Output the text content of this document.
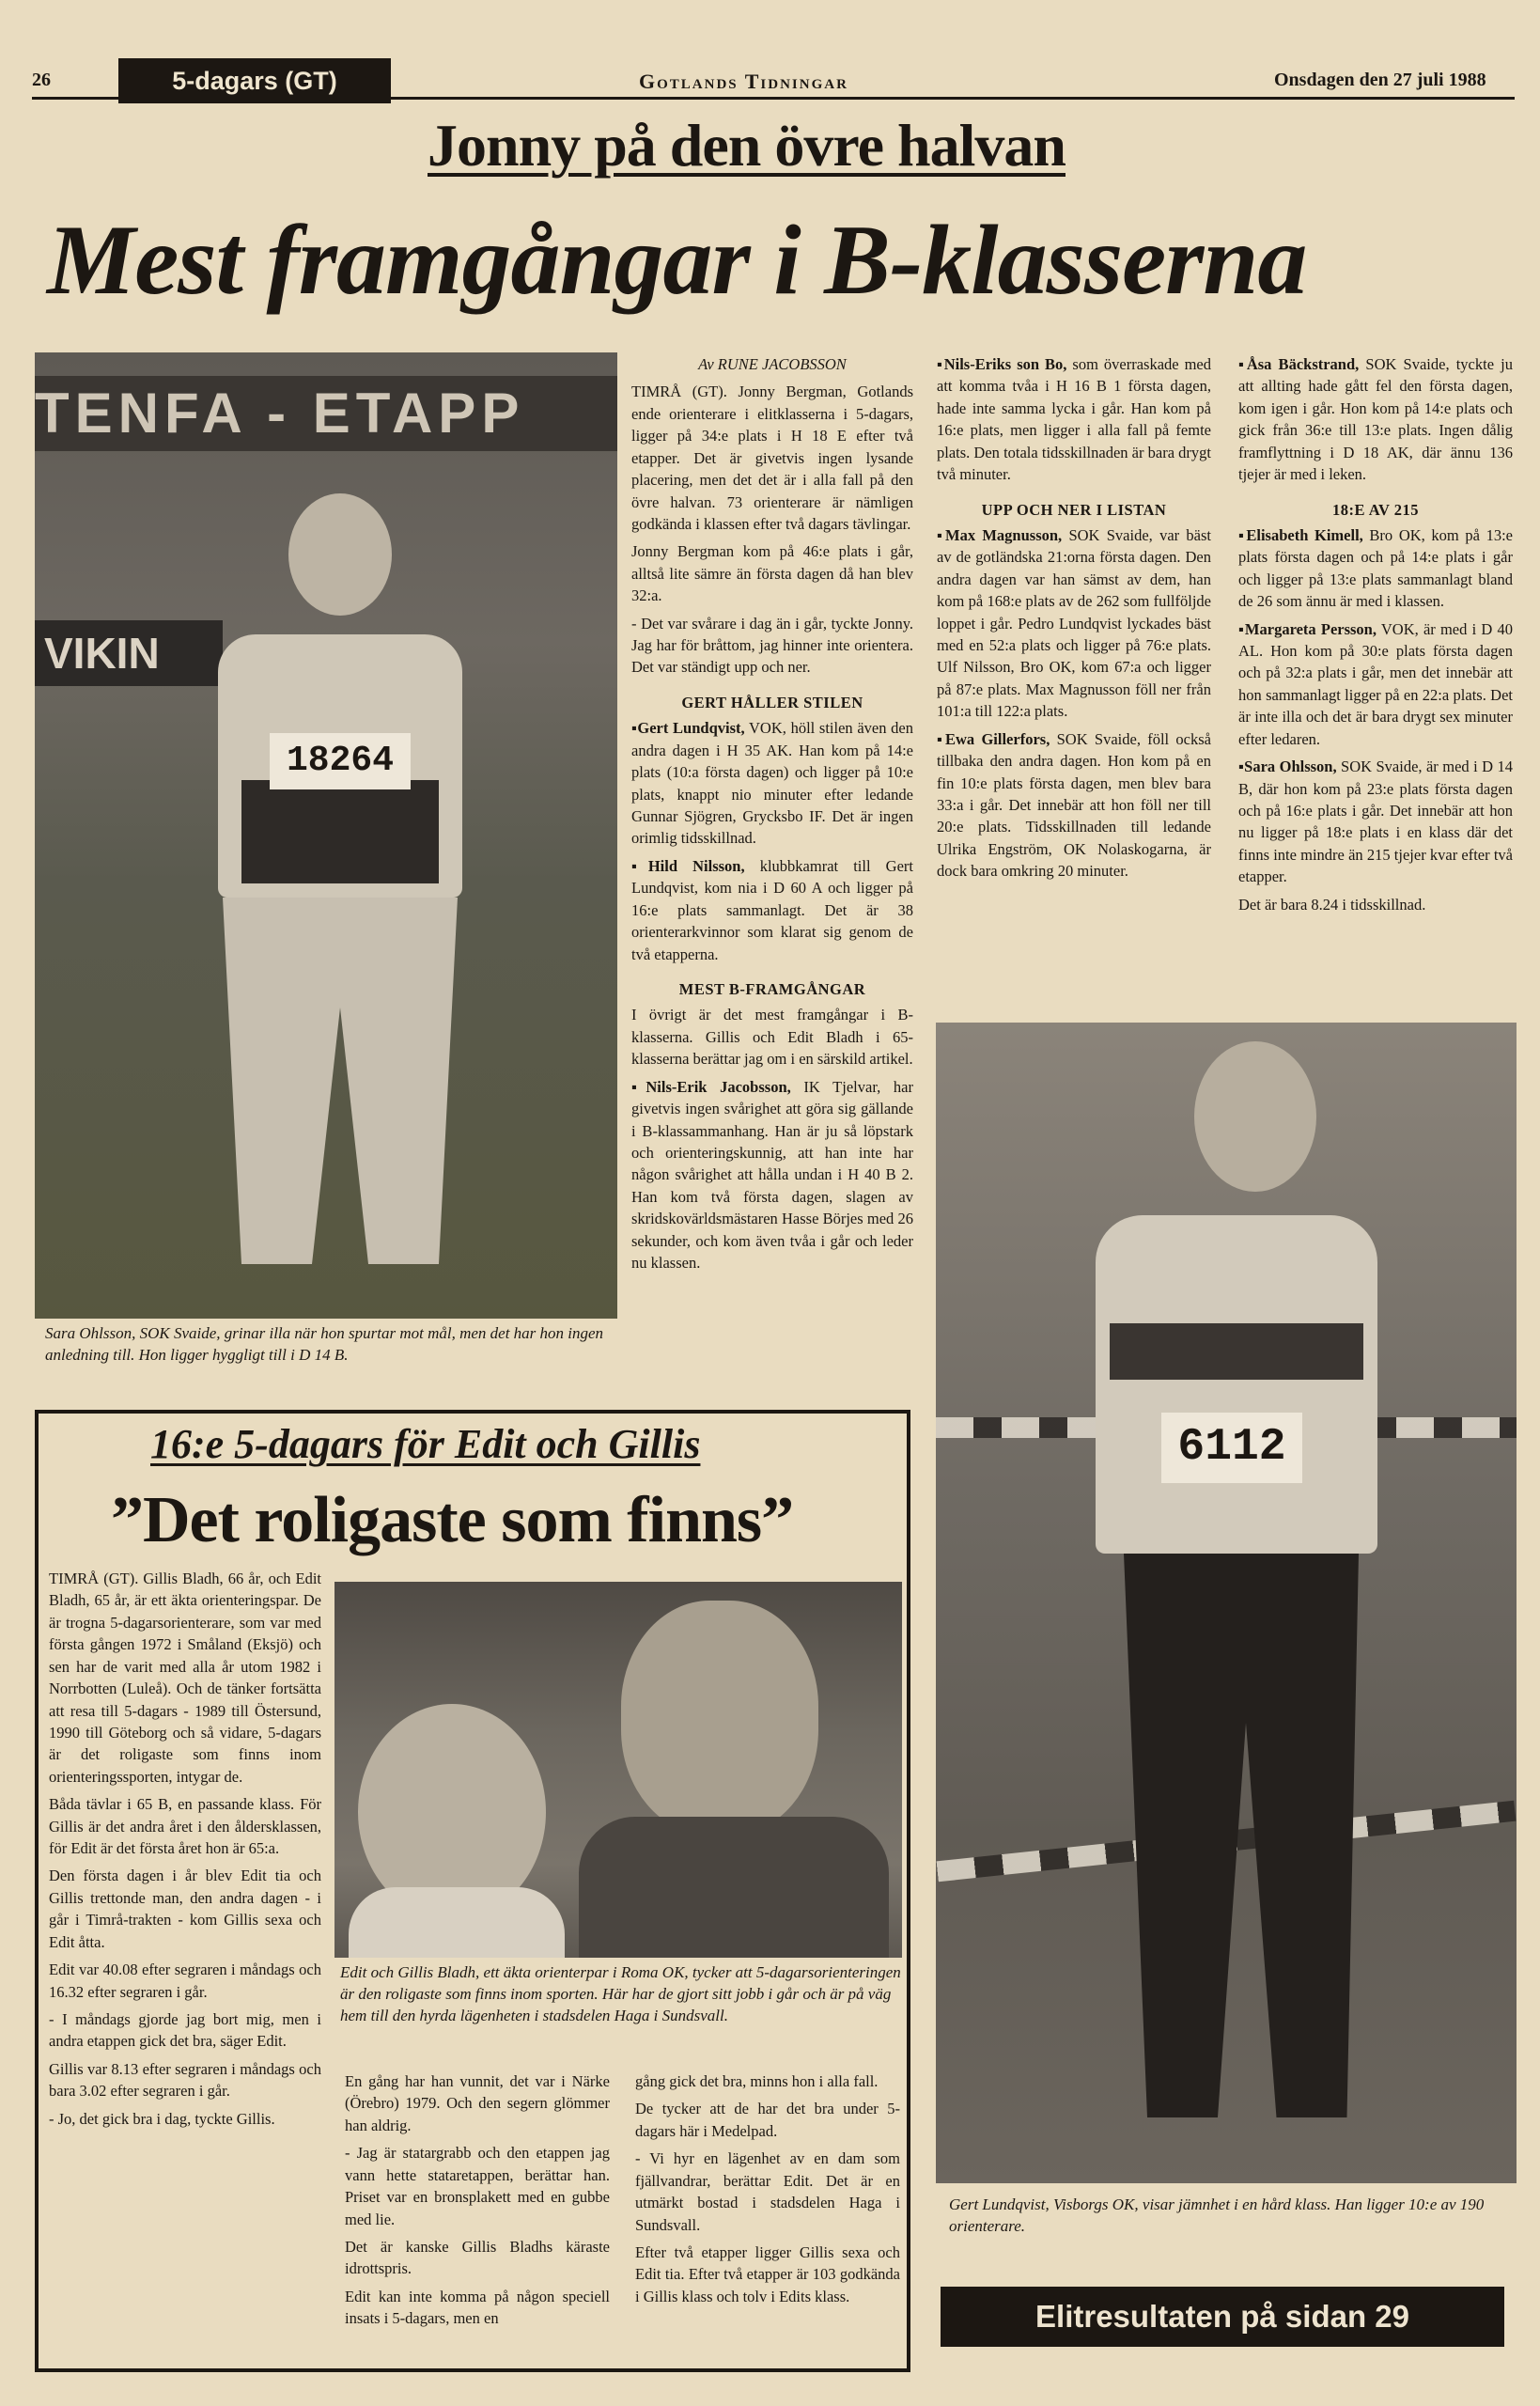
26	5-dagars (GT)	Gotlands Tidningar	Onsdagen den 27 juli 1988
Jonny på den övre halvan
Mest framgångar i B-klasserna
TENFA - ETAPP
VIKIN
18264
Sara Ohlsson, SOK Svaide, grinar illa när hon spurtar mot mål, men det har hon ingen anledning till. Hon ligger hyggligt till i D 14 B.

Av RUNE JACOBSSON

TIMRÅ (GT). Jonny Bergman, Gotlands ende orienterare i elitklasserna i 5-dagars, ligger på 34:e plats i H 18 E efter två etapper. Det är givetvis ingen lysande placering, men det det är i alla fall på den övre halvan. 73 orienterare är nämligen godkända i klassen efter två dagars tävlingar.

Jonny Bergman kom på 46:e plats i går, alltså lite sämre än första dagen då han blev 32:a.

- Det var svårare i dag än i går, tyckte Jonny. Jag har för bråttom, jag hinner inte orientera. Det var ständigt upp och ner.

GERT HÅLLER STILEN

▪Gert Lundqvist, VOK, höll stilen även den andra dagen i H 35 AK. Han kom på 14:e plats (10:a första dagen) och ligger på 10:e plats, knappt nio minuter efter ledande Gunnar Sjögren, Grycksbo IF. Det är ingen orimlig tidsskillnad.

▪Hild Nilsson, klubbkamrat till Gert Lundqvist, kom nia i D 60 A och ligger på 16:e plats sammanlagt. Det är 38 orienterarkvinnor som klarat sig genom de två etapperna.

MEST B-FRAMGÅNGAR

I övrigt är det mest framgångar i B-klasserna. Gillis och Edit Bladh i 65-klasserna berättar jag om i en särskild artikel.

▪Nils-Erik Jacobsson, IK Tjelvar, har givetvis ingen svårighet att göra sig gällande i B-klassammanhang. Han är ju så löpstark och orienteringskunnig, att han inte har någon svårighet att hålla undan i H 40 B 2. Han kom två första dagen, slagen av skridskovärldsmästaren Hasse Börjes med 26 sekunder, och kom även tvåa i går och leder nu klassen.

▪Nils-Eriks son Bo, som överraskade med att komma tvåa i H 16 B 1 första dagen, hade inte samma lycka i går. Han kom på 16:e plats, men ligger i alla fall på femte plats. Den totala tidsskillnaden är bara drygt två minuter.

UPP OCH NER I LISTAN

▪Max Magnusson, SOK Svaide, var bäst av de gotländska 21:orna första dagen. Den andra dagen var han sämst av dem, han kom på 168:e plats av de 262 som fullföljde loppet i går. Pedro Lundqvist lyckades bäst med en 52:a plats och ligger på 76:e plats. Ulf Nilsson, Bro OK, kom 67:a och ligger på 87:e plats. Max Magnusson föll ner från 101:a till 122:a plats.

▪Ewa Gillerfors, SOK Svaide, föll också tillbaka den andra dagen. Hon kom på en fin 10:e plats första dagen, men blev bara 33:a i går. Det innebär att hon föll ner till 20:e plats. Tidsskillnaden till ledande Ulrika Engström, OK Nolaskogarna, är dock bara omkring 20 minuter.

▪Åsa Bäckstrand, SOK Svaide, tyckte ju att allting hade gått fel den första dagen, kom igen i går. Hon kom på 14:e plats och gick från 36:e till 13:e plats. Ingen dålig framflyttning i D 18 AK, där ännu 136 tjejer är med i leken.

18:E AV 215

▪Elisabeth Kimell, Bro OK, kom på 13:e plats första dagen och på 14:e plats i går och ligger på 13:e plats sammanlagt bland de 26 som ännu är med i klassen.

▪Margareta Persson, VOK, är med i D 40 AL. Hon kom på 30:e plats första dagen och på 32:a plats i går, men det innebär att hon sammanlagt ligger på en 22:a plats. Det är inte illa och det är bara drygt sex minuter efter ledaren.

▪Sara Ohlsson, SOK Svaide, är med i D 14 B, där hon kom på 23:e plats första dagen och på 16:e plats i går. Det innebär att hon nu ligger på 18:e plats i en klass där det finns inte mindre än 215 tjejer kvar efter två etapper.

Det är bara 8.24 i tidsskillnad.

6112
Gert Lundqvist, Visborgs OK, visar jämnhet i en hård klass. Han ligger 10:e av 190 orienterare.
Elitresultaten på sidan 29
16:e 5-dagars för Edit och Gillis
”Det roligaste som finns”

TIMRÅ (GT). Gillis Bladh, 66 år, och Edit Bladh, 65 år, är ett äkta orienteringspar. De är trogna 5-dagarsorienterare, som var med första gången 1972 i Småland (Eksjö) och sen har de varit med alla år utom 1982 i Norrbotten (Luleå). Och de tänker fortsätta att resa till 5-dagars - 1989 till Östersund, 1990 till Göteborg och så vidare, 5-dagars är det roligaste som finns inom orienteringssporten, intygar de.

Båda tävlar i 65 B, en passande klass. För Gillis är det andra året i den åldersklassen, för Edit är det första året hon är 65:a.

Den första dagen i år blev Edit tia och Gillis trettonde man, den andra dagen - i går i Timrå-trakten - kom Gillis sexa och Edit åtta.

Edit var 40.08 efter segraren i måndags och 16.32 efter segraren i går.

- I måndags gjorde jag bort mig, men i andra etappen gick det bra, säger Edit.

Gillis var 8.13 efter segraren i måndags och bara 3.02 efter segraren i går.

- Jo, det gick bra i dag, tyckte Gillis.

Edit och Gillis Bladh, ett äkta orienterpar i Roma OK, tycker att 5-dagarsorienteringen är den roligaste som finns inom sporten. Här har de gjort sitt jobb i går och är på väg hem till den hyrda lägenheten i stadsdelen Haga i Sundsvall.

En gång har han vunnit, det var i Närke (Örebro) 1979. Och den segern glömmer han aldrig.

- Jag är statargrabb och den etappen jag vann hette stataretappen, berättar han. Priset var en bronsplakett med en gubbe med lie.

Det är kanske Gillis Bladhs käraste idrottspris.

Edit kan inte komma på någon speciell insats i 5-dagars, men en

gång gick det bra, minns hon i alla fall.

De tycker att de har det bra under 5-dagars här i Medelpad.

- Vi hyr en lägenhet av en dam som fjällvandrar, berättar Edit. Det är en utmärkt bostad i stadsdelen Haga i Sundsvall.

Efter två etapper ligger Gillis sexa och Edit tia. Efter två etapper är 103 godkända i Gillis klass och tolv i Edits klass.
